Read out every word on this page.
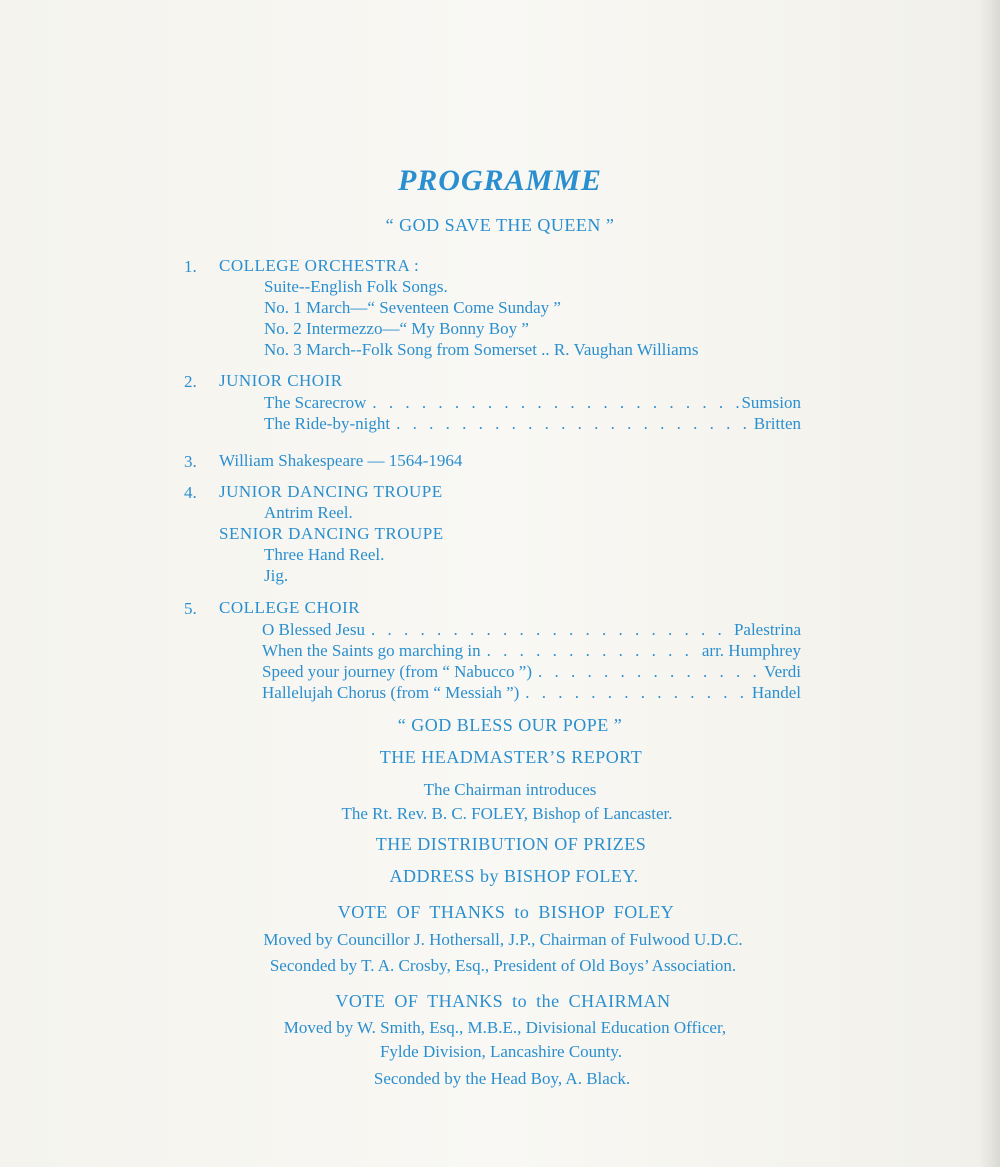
PROGRAMME
“ GOD SAVE THE QUEEN ”
1. COLLEGE ORCHESTRA :
Suite--English Folk Songs.
No. 1 March—“ Seventeen Come Sunday ”
No. 2 Intermezzo—“ My Bonny Boy ”
No. 3 March--Folk Song from Somerset .. R. Vaughan Williams
2. JUNIOR CHOIR
The Scarecrow . . .	Sumsion
The Ride-by-night . . .	Britten
3. William Shakespeare — 1564-1964
4. JUNIOR DANCING TROUPE
Antrim Reel.
SENIOR DANCING TROUPE
Three Hand Reel.
Jig.
5. COLLEGE CHOIR
O Blessed Jesu . . .	Palestrina
When the Saints go marching in . . .	arr. Humphrey
Speed your journey (from “ Nabucco ”) . . .	Verdi
Hallelujah Chorus (from “ Messiah ”) . . .	Handel
“ GOD BLESS OUR POPE ”
THE HEADMASTER’S REPORT
The Chairman introduces
The Rt. Rev. B. C. FOLEY, Bishop of Lancaster.
THE DISTRIBUTION OF PRIZES
ADDRESS by BISHOP FOLEY.
VOTE OF THANKS to BISHOP FOLEY
Moved by Councillor J. Hothersall, J.P., Chairman of Fulwood U.D.C.
Seconded by T. A. Crosby, Esq., President of Old Boys’ Association.
VOTE OF THANKS to the CHAIRMAN
Moved by W. Smith, Esq., M.B.E., Divisional Education Officer,
Fylde Division, Lancashire County.
Seconded by the Head Boy, A. Black.
